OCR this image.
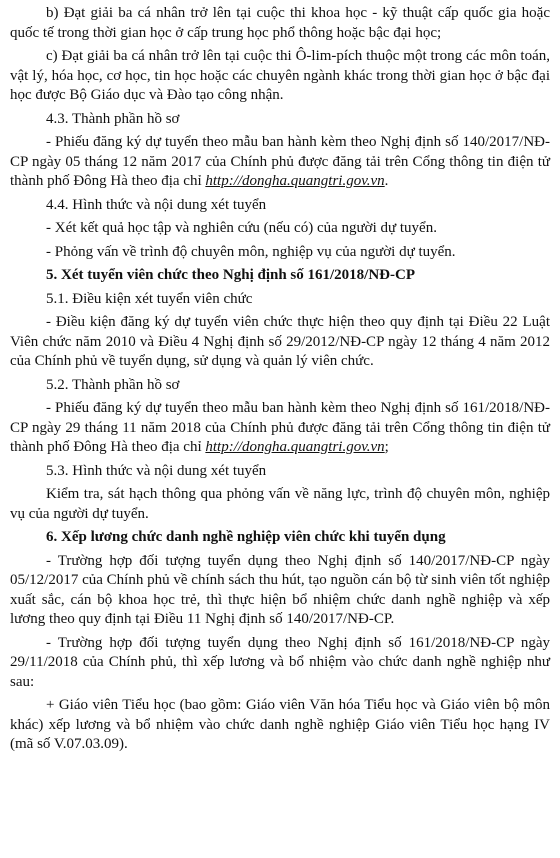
b) Đạt giải ba cá nhân trở lên tại cuộc thi khoa học - kỹ thuật cấp quốc gia hoặc quốc tế trong thời gian học ở cấp trung học phổ thông hoặc bậc đại học;

c) Đạt giải ba cá nhân trở lên tại cuộc thi Ô-lim-pích thuộc một trong các môn toán, vật lý, hóa học, cơ học, tin học hoặc các chuyên ngành khác trong thời gian học ở bậc đại học được Bộ Giáo dục và Đào tạo công nhận.

4.3. Thành phần hồ sơ

- Phiếu đăng ký dự tuyển theo mẫu ban hành kèm theo Nghị định số 140/2017/NĐ-CP ngày 05 tháng 12 năm 2017 của Chính phủ được đăng tải trên Cổng thông tin điện tử thành phố Đông Hà theo địa chỉ http://dongha.quangtri.gov.vn.

4.4. Hình thức và nội dung xét tuyển

- Xét kết quả học tập và nghiên cứu (nếu có) của người dự tuyển.

- Phỏng vấn về trình độ chuyên môn, nghiệp vụ của người dự tuyển.

5. Xét tuyển viên chức theo Nghị định số 161/2018/NĐ-CP

5.1. Điều kiện xét tuyển viên chức

- Điều kiện đăng ký dự tuyển viên chức thực hiện theo quy định tại Điều 22 Luật Viên chức năm 2010 và Điều 4 Nghị định số 29/2012/NĐ-CP ngày 12 tháng 4 năm 2012 của Chính phủ về tuyển dụng, sử dụng và quản lý viên chức.

5.2. Thành phần hồ sơ

- Phiếu đăng ký dự tuyển theo mẫu ban hành kèm theo Nghị định số 161/2018/NĐ-CP ngày 29 tháng 11 năm 2018 của Chính phủ được đăng tải trên Cổng thông tin điện tử thành phố Đông Hà theo địa chỉ http://dongha.quangtri.gov.vn;

5.3. Hình thức và nội dung xét tuyển

Kiểm tra, sát hạch thông qua phỏng vấn về năng lực, trình độ chuyên môn, nghiệp vụ của người dự tuyển.

6. Xếp lương chức danh nghề nghiệp viên chức khi tuyển dụng

- Trường hợp đối tượng tuyển dụng theo Nghị định số 140/2017/NĐ-CP ngày 05/12/2017 của Chính phủ về chính sách thu hút, tạo nguồn cán bộ từ sinh viên tốt nghiệp xuất sắc, cán bộ khoa học trẻ, thì thực hiện bổ nhiệm chức danh nghề nghiệp và xếp lương theo quy định tại Điều 11 Nghị định số 140/2017/NĐ-CP.

- Trường hợp đối tượng tuyển dụng theo Nghị định số 161/2018/NĐ-CP ngày 29/11/2018 của Chính phủ, thì xếp lương và bổ nhiệm vào chức danh nghề nghiệp như sau:

+ Giáo viên Tiểu học (bao gồm: Giáo viên Văn hóa Tiểu học và Giáo viên bộ môn khác) xếp lương và bổ nhiệm vào chức danh nghề nghiệp Giáo viên Tiểu học hạng IV (mã số V.07.03.09).
